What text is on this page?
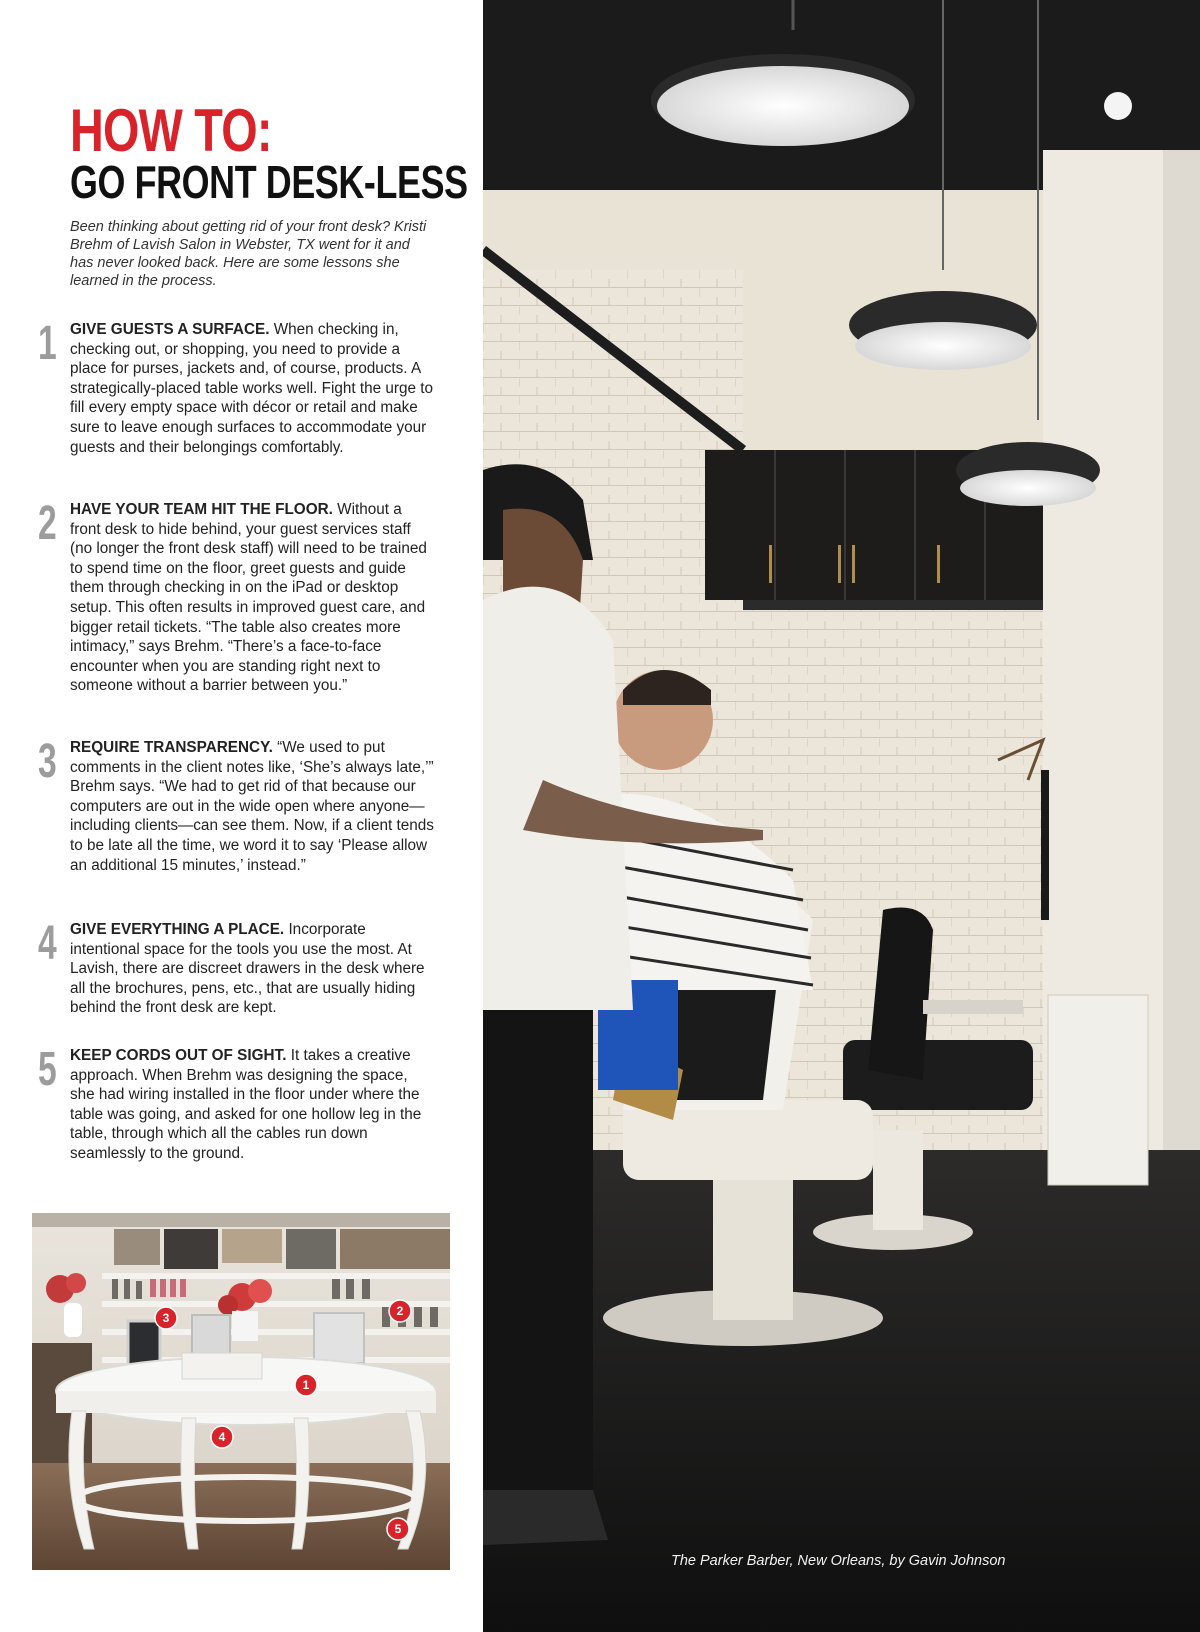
HOW TO:
GO FRONT DESK-LESS

Been thinking about getting rid of your front desk? Kristi Brehm of Lavish Salon in Webster, TX went for it and has never looked back. Here are some lessons she learned in the process.

1 GIVE GUESTS A SURFACE. When checking in, checking out, or shopping, you need to provide a place for purses, jackets and, of course, products. A strategically-placed table works well. Fight the urge to fill every empty space with décor or retail and make sure to leave enough surfaces to accommodate your guests and their belongings comfortably.

2 HAVE YOUR TEAM HIT THE FLOOR. Without a front desk to hide behind, your guest services staff (no longer the front desk staff) will need to be trained to spend time on the floor, greet guests and guide them through checking in on the iPad or desktop setup. This often results in improved guest care, and bigger retail tickets. “The table also creates more intimacy,” says Brehm. “There’s a face-to-face encounter when you are standing right next to someone without a barrier between you.”

3 REQUIRE TRANSPARENCY. “We used to put comments in the client notes like, ‘She’s always late,’” Brehm says. “We had to get rid of that because our computers are out in the wide open where anyone—including clients—can see them. Now, if a client tends to be late all the time, we word it to say ‘Please allow an additional 15 minutes,’ instead.”

4 GIVE EVERYTHING A PLACE. Incorporate intentional space for the tools you use the most. At Lavish, there are discreet drawers in the desk where all the brochures, pens, etc., that are usually hiding behind the front desk are kept.

5 KEEP CORDS OUT OF SIGHT. It takes a creative approach. When Brehm was designing the space, she had wiring installed in the floor under where the table was going, and asked for one hollow leg in the table, through which all the cables run down seamlessly to the ground.

3	2
1
4
5

The Parker Barber, New Orleans, by Gavin Johnson
